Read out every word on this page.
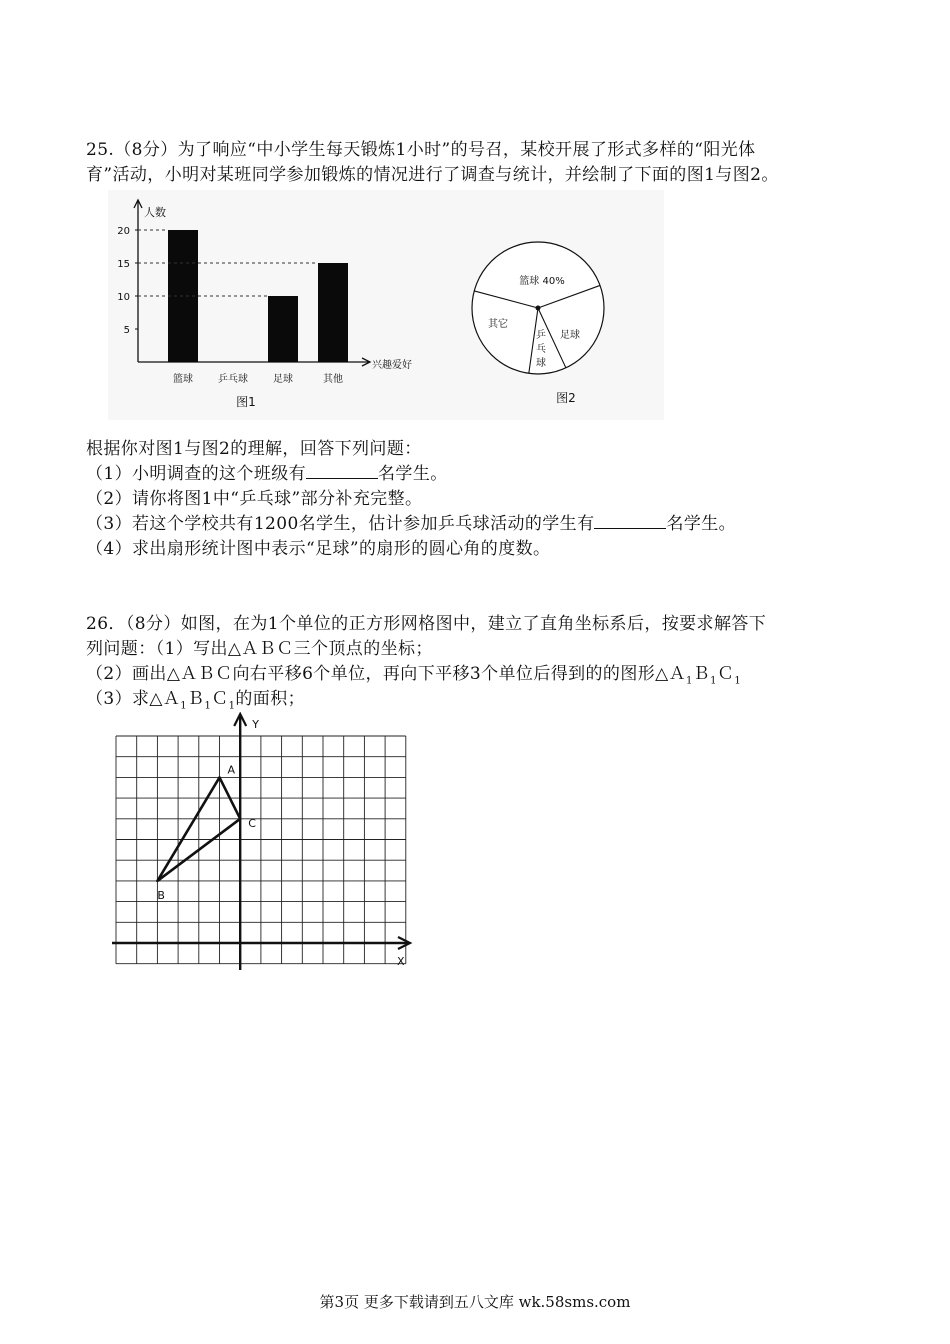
25.（8分）为了响应“中小学生每天锻炼1小时”的号召，某校开展了形式多样的“阳光体
育”活动，小明对某班同学参加锻炼的情况进行了调查与统计，并绘制了下面的图1与图2。
人数
兴趣爱好
5
10
15
20
篮球	乒乓球	足球	其他
图1
篮球 40%
其它
乒
乓
球
足球
图2
根据你对图1与图2的理解，回答下列问题：
（1）小明调查的这个班级有	名学生。
（2）请你将图1中“乒乓球”部分补充完整。
（3）若这个学校共有1200名学生，估计参加乒乓球活动的学生有	名学生。
（4）求出扇形统计图中表示“足球”的扇形的圆心角的度数。
26．（8分）如图，在为1个单位的正方形网格图中，建立了直角坐标系后，按要求解答下
列问题：（1）写出△ＡＢＣ三个顶点的坐标；
（2）画出△ＡＢＣ向右平移6个单位，再向下平移3个单位后得到的的图形△Ａ$_1$Ｂ$_1$Ｃ$_1$
（3）求△Ａ$_1$Ｂ$_1$Ｃ$_1$的面积；
Y
X
A
B
C
第3页 更多下载请到五八文库 wk.58sms.com
